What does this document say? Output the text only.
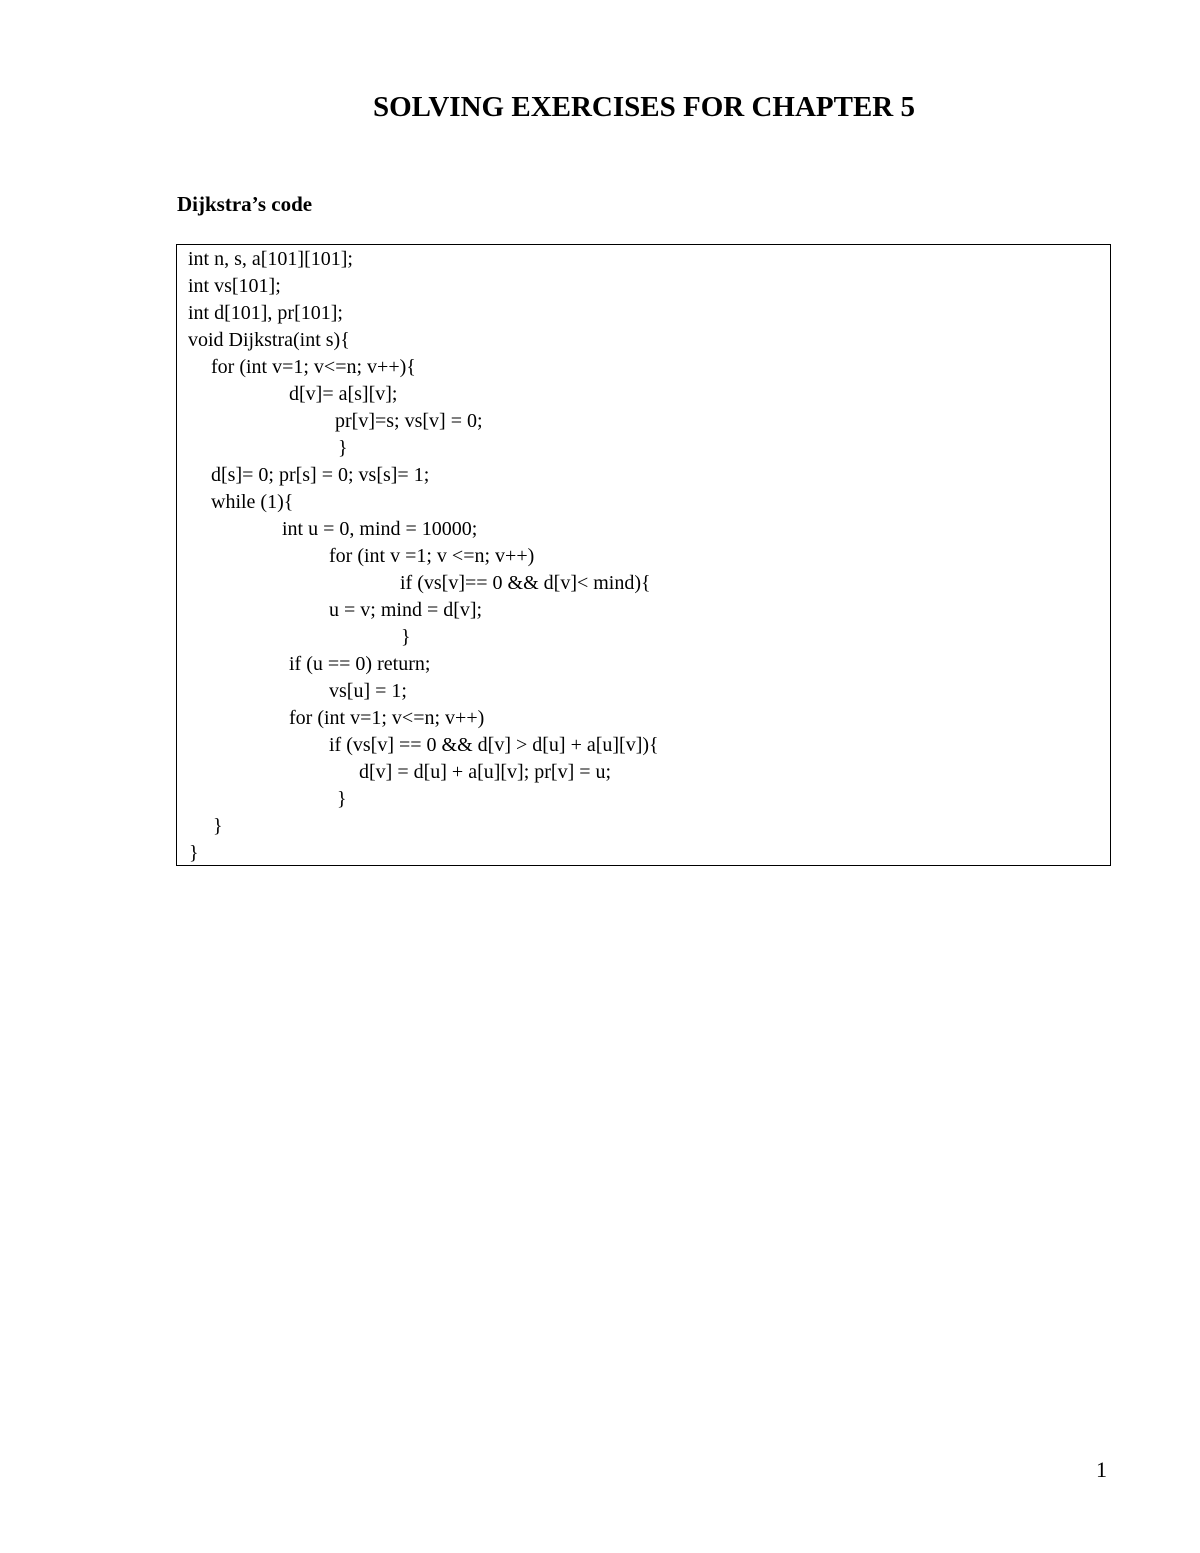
SOLVING EXERCISES FOR CHAPTER 5
Dijkstra’s code
int n, s, a[101][101];
int vs[101];
int d[101], pr[101];
void Dijkstra(int s){
for (int v=1; v<=n; v++){
d[v]= a[s][v];
pr[v]=s; vs[v] = 0;
}
d[s]= 0; pr[s] = 0; vs[s]= 1;
while (1){
int u = 0, mind = 10000;
for (int v =1; v <=n; v++)
if (vs[v]== 0 && d[v]< mind){
u = v; mind = d[v];
}
if (u == 0) return;
vs[u] = 1;
for (int v=1; v<=n; v++)
if (vs[v] == 0 && d[v] > d[u] + a[u][v]){
d[v] = d[u] + a[u][v]; pr[v] = u;
}
}
}
1
